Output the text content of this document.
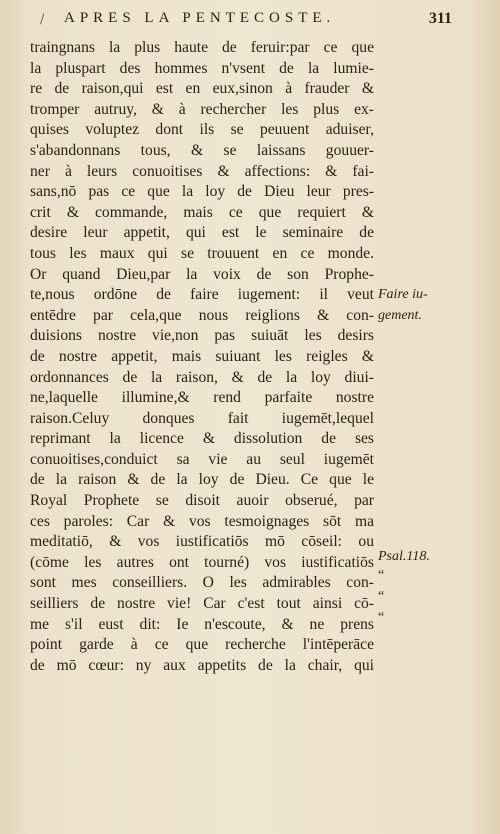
/ APRES LA PENTECOSTE.	311
traingnans la plus haute de feruir:par ce que
la pluspart des hommes n'vsent de la lumie-
re de raison,qui est en eux,sinon à frauder &
tromper autruy, & à rechercher les plus ex-
quises voluptez dont ils se peuuent aduiser,
s'abandonnans tous, & se laissans gouuer-
ner à leurs conuoitises & affections: & fai-
sans,nō pas ce que la loy de Dieu leur pres-
crit & commande, mais ce que requiert &
desire leur appetit, qui est le seminaire de
tous les maux qui se trouuent en ce monde.
Or quand Dieu,par la voix de son Prophe-
te,nous ordōne de faire iugement: il veut
entēdre par cela,que nous reiglions & con-
duisions nostre vie,non pas suiuāt les desirs
de nostre appetit, mais suiuant les reigles &
ordonnances de la raison, & de la loy diui-
ne,laquelle illumine,& rend parfaite nostre
raison.Celuy donques fait iugemēt,lequel
reprimant la licence & dissolution de ses
conuoitises,conduict sa vie au seul iugemēt
de la raison & de la loy de Dieu. Ce que le
Royal Prophete se disoit auoir obserué, par
ces paroles: Car & vos tesmoignages sōt ma
meditatiō, & vos iustificatiōs mō cōseil: ou
(cōme les autres ont tourné) vos iustificatiōs
sont mes conseilliers. O les admirables con-
seilliers de nostre vie! Car c'est tout ainsi cō-
me s'il eust dit: Ie n'escoute, & ne prens
point garde à ce que recherche l'intēperāce
de mō cœur: ny aux appetits de la chair, qui
Faire iu-
gement.
Psal.118.
“
“
“
